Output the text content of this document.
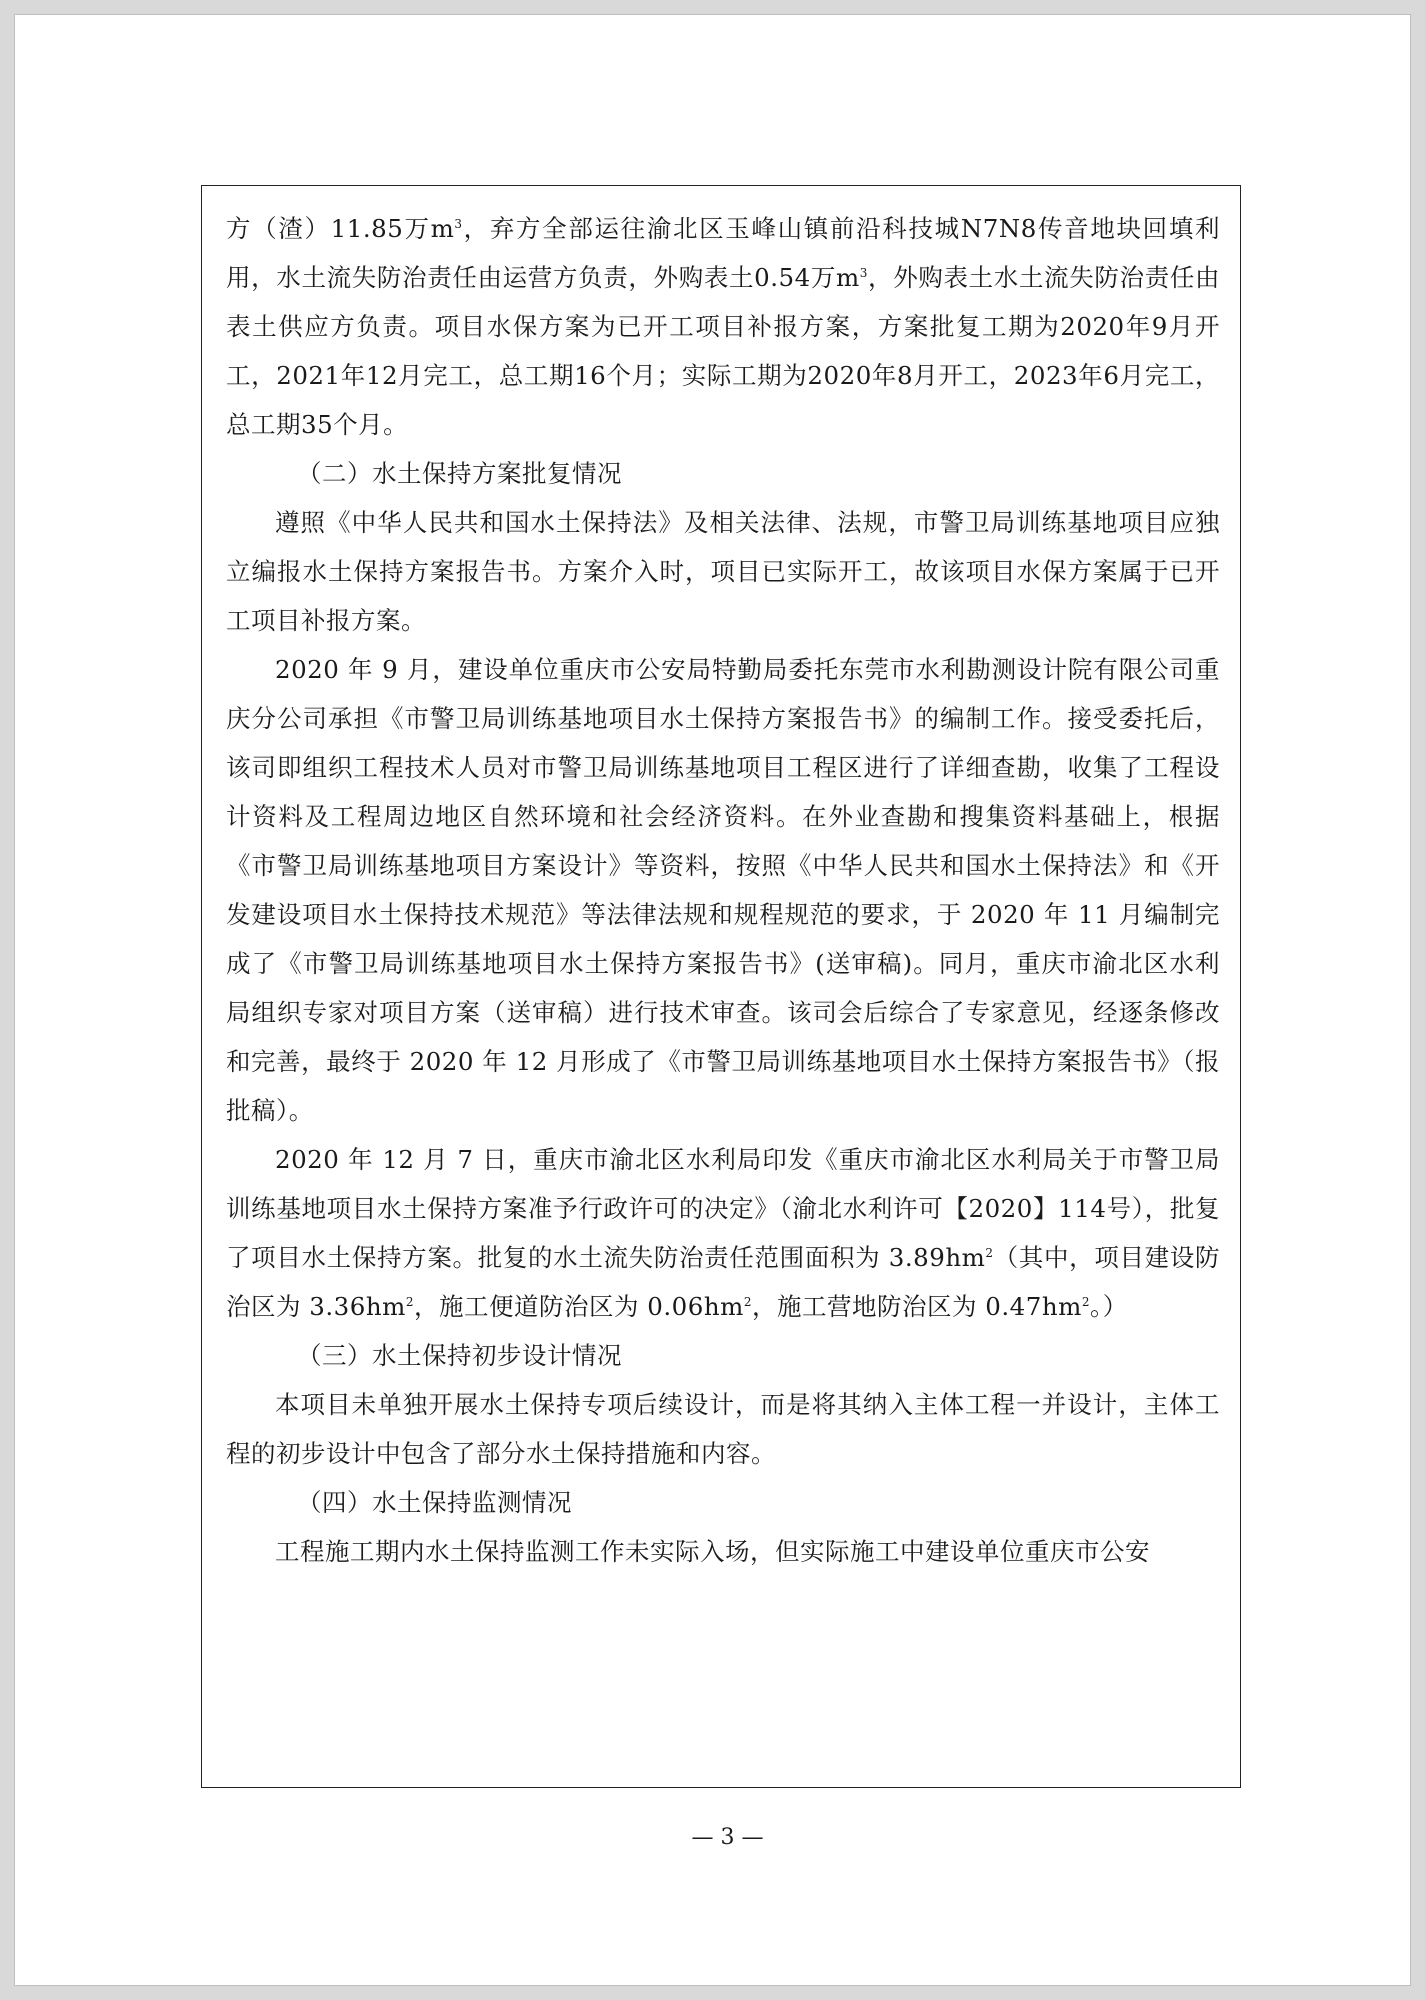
方（渣）11.85万$m^3$，弃方全部运往渝北区玉峰山镇前沿科技城N7N8传音地块回填利用，水土流失防治责任由运营方负责，外购表土0.54万$m^3$，外购表土水土流失防治责任由表土供应方负责。项目水保方案为已开工项目补报方案，方案批复工期为2020年9月开工，2021年12月完工，总工期16个月；实际工期为2020年8月开工，2023年6月完工，总工期35个月。

（二）水土保持方案批复情况

遵照《中华人民共和国水土保持法》及相关法律、法规，市警卫局训练基地项目应独立编报水土保持方案报告书。方案介入时，项目已实际开工，故该项目水保方案属于已开工项目补报方案。

2020 年 9 月，建设单位重庆市公安局特勤局委托东莞市水利勘测设计院有限公司重庆分公司承担《市警卫局训练基地项目水土保持方案报告书》的编制工作。接受委托后，该司即组织工程技术人员对市警卫局训练基地项目工程区进行了详细查勘，收集了工程设计资料及工程周边地区自然环境和社会经济资料。在外业查勘和搜集资料基础上，根据《市警卫局训练基地项目方案设计》等资料，按照《中华人民共和国水土保持法》和《开发建设项目水土保持技术规范》等法律法规和规程规范的要求，于 2020 年 11 月编制完成了《市警卫局训练基地项目水土保持方案报告书》(送审稿)。同月，重庆市渝北区水利局组织专家对项目方案（送审稿）进行技术审查。该司会后综合了专家意见，经逐条修改和完善，最终于 2020 年 12 月形成了《市警卫局训练基地项目水土保持方案报告书》（报批稿）。

2020 年 12 月 7 日，重庆市渝北区水利局印发《重庆市渝北区水利局关于市警卫局训练基地项目水土保持方案准予行政许可的决定》（渝北水利许可【2020】114号），批复了项目水土保持方案。批复的水土流失防治责任范围面积为 $3.89hm^2$（其中，项目建设防治区为 $3.36hm^2$，施工便道防治区为 $0.06hm^2$，施工营地防治区为 $0.47hm^2$。）

（三）水土保持初步设计情况

本项目未单独开展水土保持专项后续设计，而是将其纳入主体工程一并设计，主体工程的初步设计中包含了部分水土保持措施和内容。

（四）水土保持监测情况

工程施工期内水土保持监测工作未实际入场，但实际施工中建设单位重庆市公安

— 3 —
